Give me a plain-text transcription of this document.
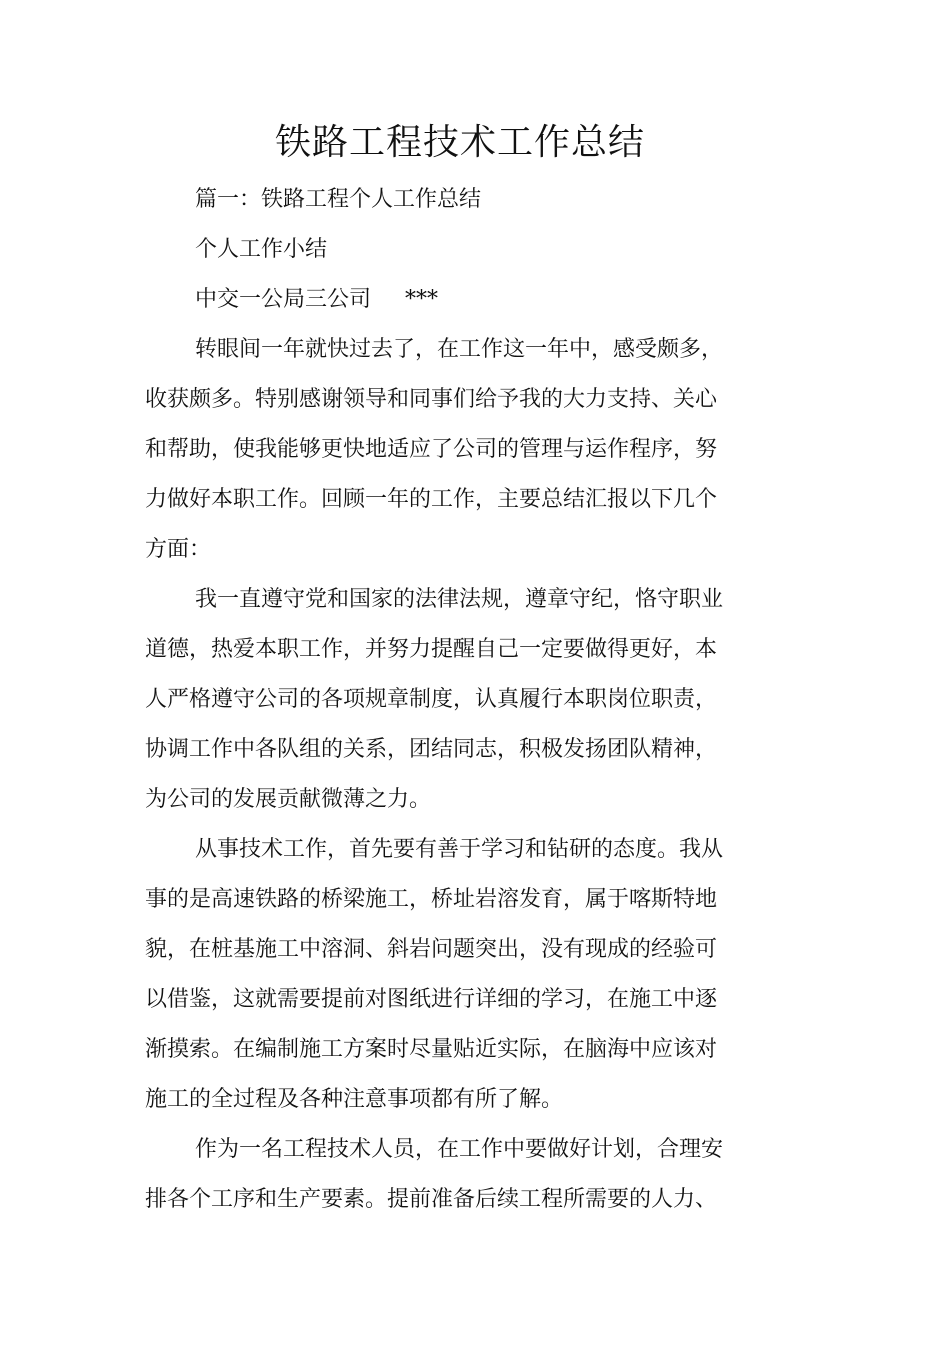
铁路工程技术工作总结
篇一：铁路工程个人工作总结
个人工作小结
中交一公局三公司 ***
转眼间一年就快过去了，在工作这一年中，感受颇多，
收获颇多。特别感谢领导和同事们给予我的大力支持、关心
和帮助，使我能够更快地适应了公司的管理与运作程序，努
力做好本职工作。回顾一年的工作，主要总结汇报以下几个
方面：
我一直遵守党和国家的法律法规，遵章守纪，恪守职业
道德，热爱本职工作，并努力提醒自己一定要做得更好，本
人严格遵守公司的各项规章制度，认真履行本职岗位职责，
协调工作中各队组的关系，团结同志，积极发扬团队精神，
为公司的发展贡献微薄之力。
从事技术工作，首先要有善于学习和钻研的态度。我从
事的是高速铁路的桥梁施工，桥址岩溶发育，属于喀斯特地
貌，在桩基施工中溶洞、斜岩问题突出，没有现成的经验可
以借鉴，这就需要提前对图纸进行详细的学习，在施工中逐
渐摸索。在编制施工方案时尽量贴近实际，在脑海中应该对
施工的全过程及各种注意事项都有所了解。
作为一名工程技术人员，在工作中要做好计划，合理安
排各个工序和生产要素。提前准备后续工程所需要的人力、
